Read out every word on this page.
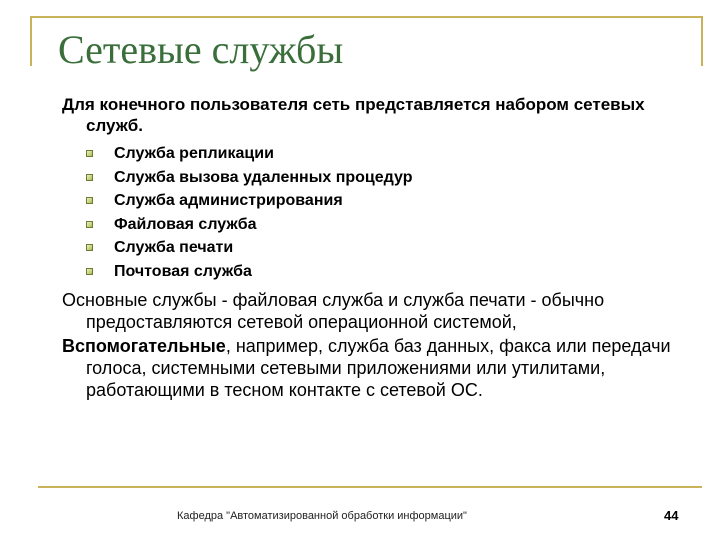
Сетевые службы

Для конечного пользователя сеть представляется набором сетевых служб.

Служба репликации
Служба вызова удаленных процедур
Служба администрирования
Файловая служба
Служба печати
Почтовая служба

Основные службы - файловая служба и служба печати - обычно предоставляются сетевой операционной системой,

Вспомогательные, например, служба баз данных, факса или передачи голоса, системными сетевыми приложениями или утилитами, работающими в тесном контакте с сетевой ОС.

Кафедра "Автоматизированной обработки информации"	44
